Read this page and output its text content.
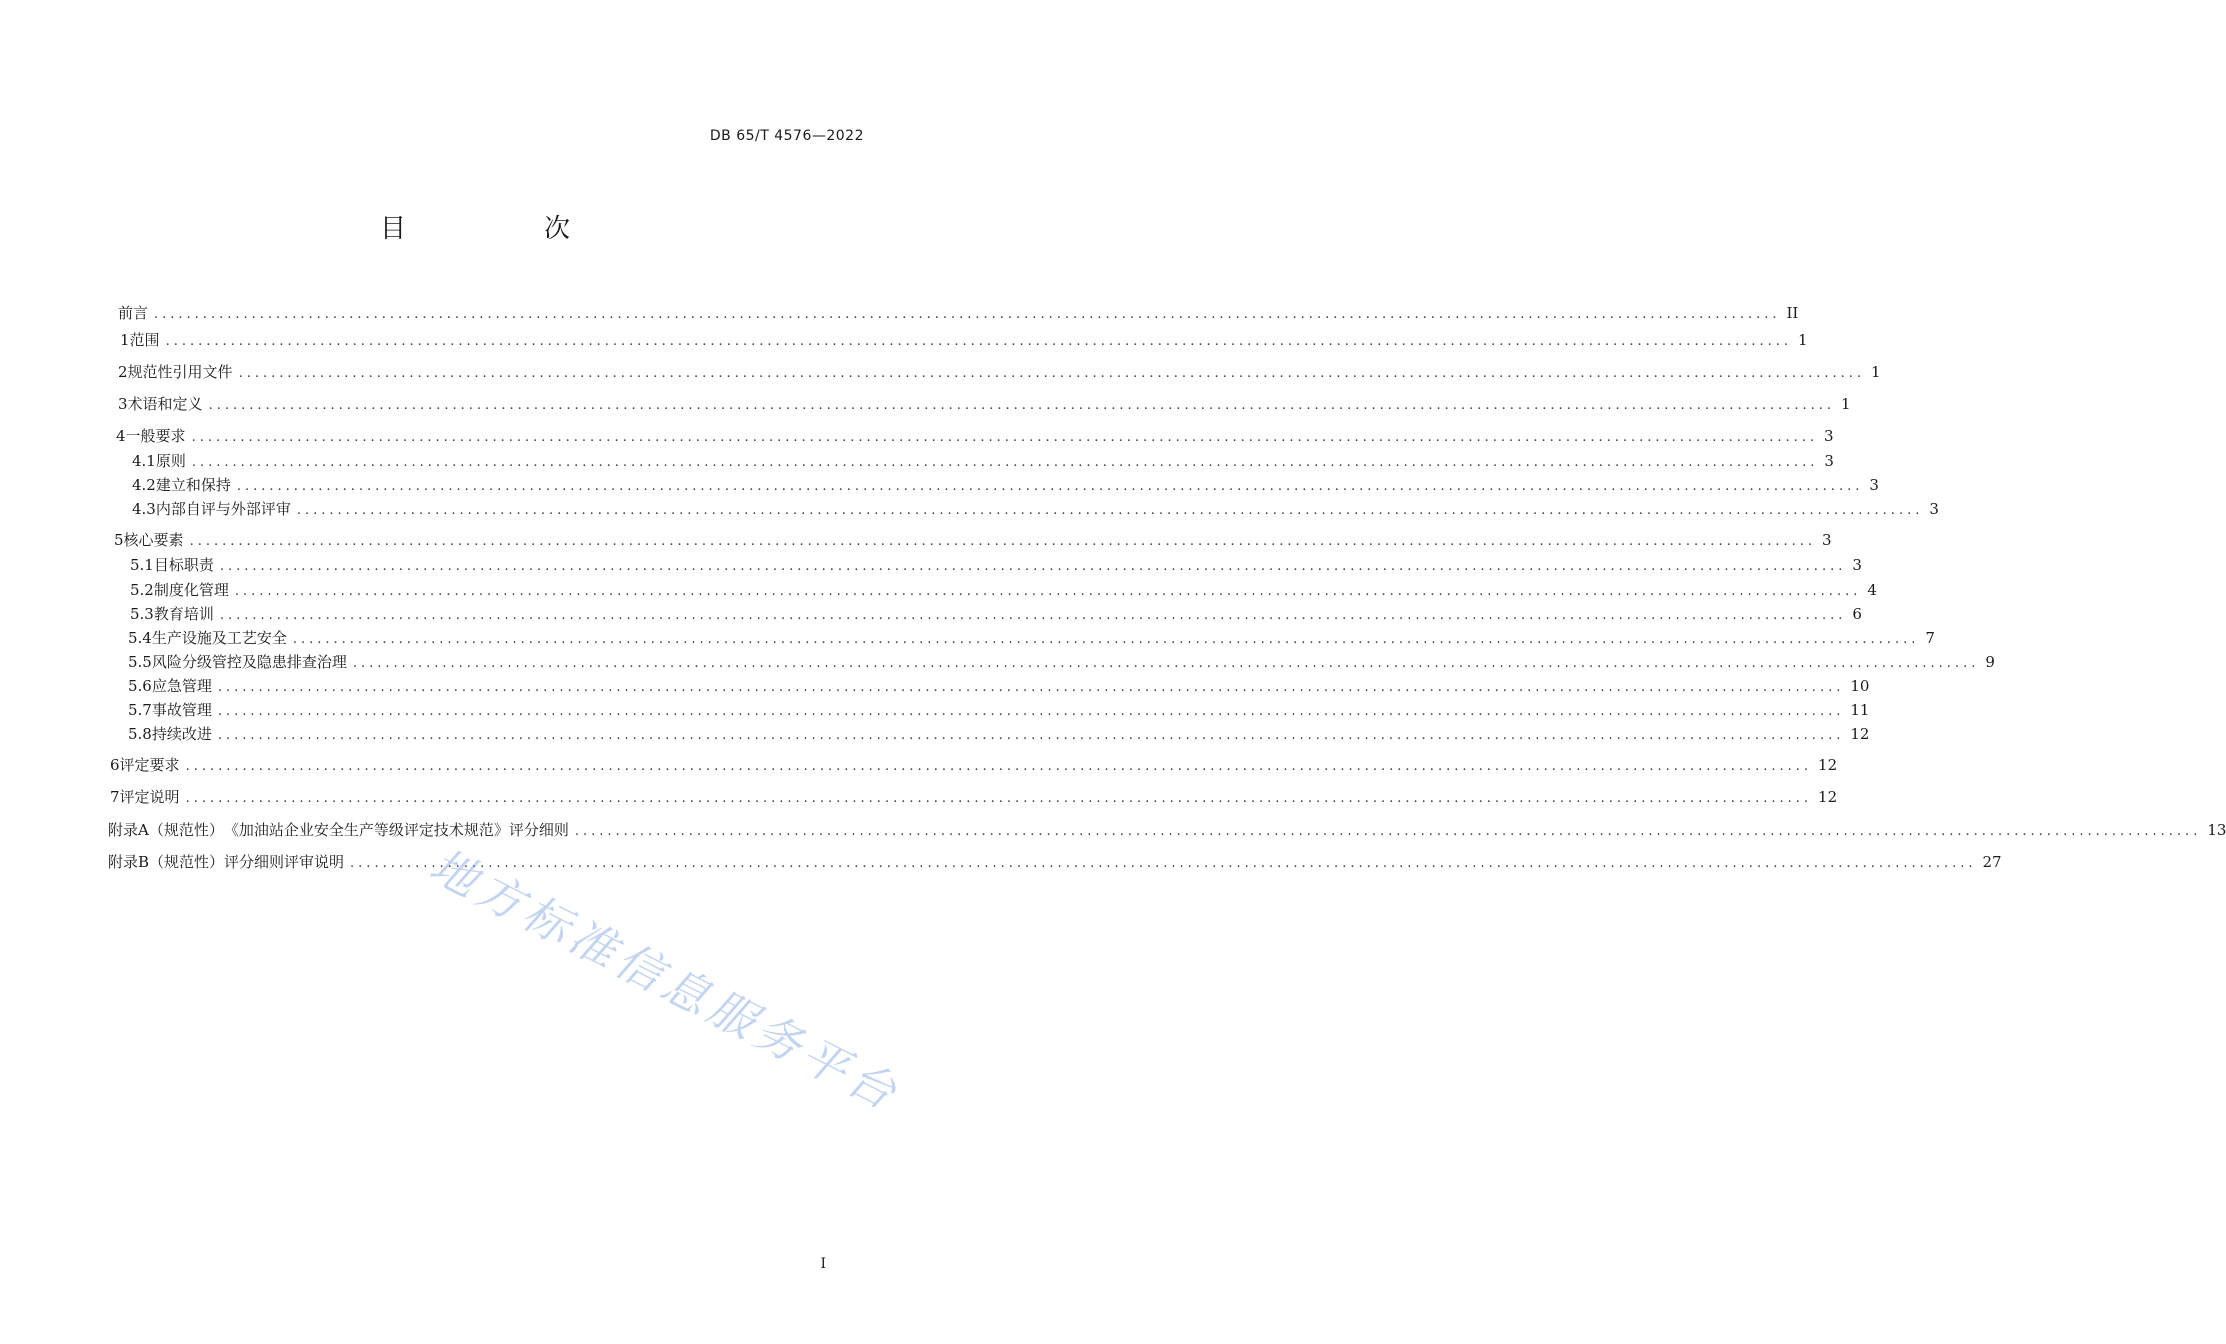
DB 65/T 4576—2022
目　次
前言 ........................................................................................................................................................................................................ II
1 范围 ........................................................................................................................................................................................................ 1
2 规范性引用文件 ........................................................................................................................................................................................................ 1
3 术语和定义 ........................................................................................................................................................................................................ 1
4 一般要求 ........................................................................................................................................................................................................ 3
4.1 原则 ........................................................................................................................................................................................................ 3
4.2 建立和保持 ........................................................................................................................................................................................................ 3
4.3 内部自评与外部评审 ........................................................................................................................................................................................................ 3
5 核心要素 ........................................................................................................................................................................................................ 3
5.1 目标职责 ........................................................................................................................................................................................................ 3
5.2 制度化管理 ........................................................................................................................................................................................................ 4
5.3 教育培训 ........................................................................................................................................................................................................ 6
5.4 生产设施及工艺安全 ........................................................................................................................................................................................................ 7
5.5 风险分级管控及隐患排查治理 ........................................................................................................................................................................................................ 9
5.6 应急管理 ........................................................................................................................................................................................................ 10
5.7 事故管理 ........................................................................................................................................................................................................ 11
5.8 持续改进 ........................................................................................................................................................................................................ 12
6 评定要求 ........................................................................................................................................................................................................ 12
7 评定说明 ........................................................................................................................................................................................................ 12
附录A（规范性） 《加油站企业安全生产等级评定技术规范》评分细则 ........................................................................................................................................................................................................ 13
附录B（规范性） 评分细则评审说明 ........................................................................................................................................................................................................ 27
地方标准信息服务平台
I
